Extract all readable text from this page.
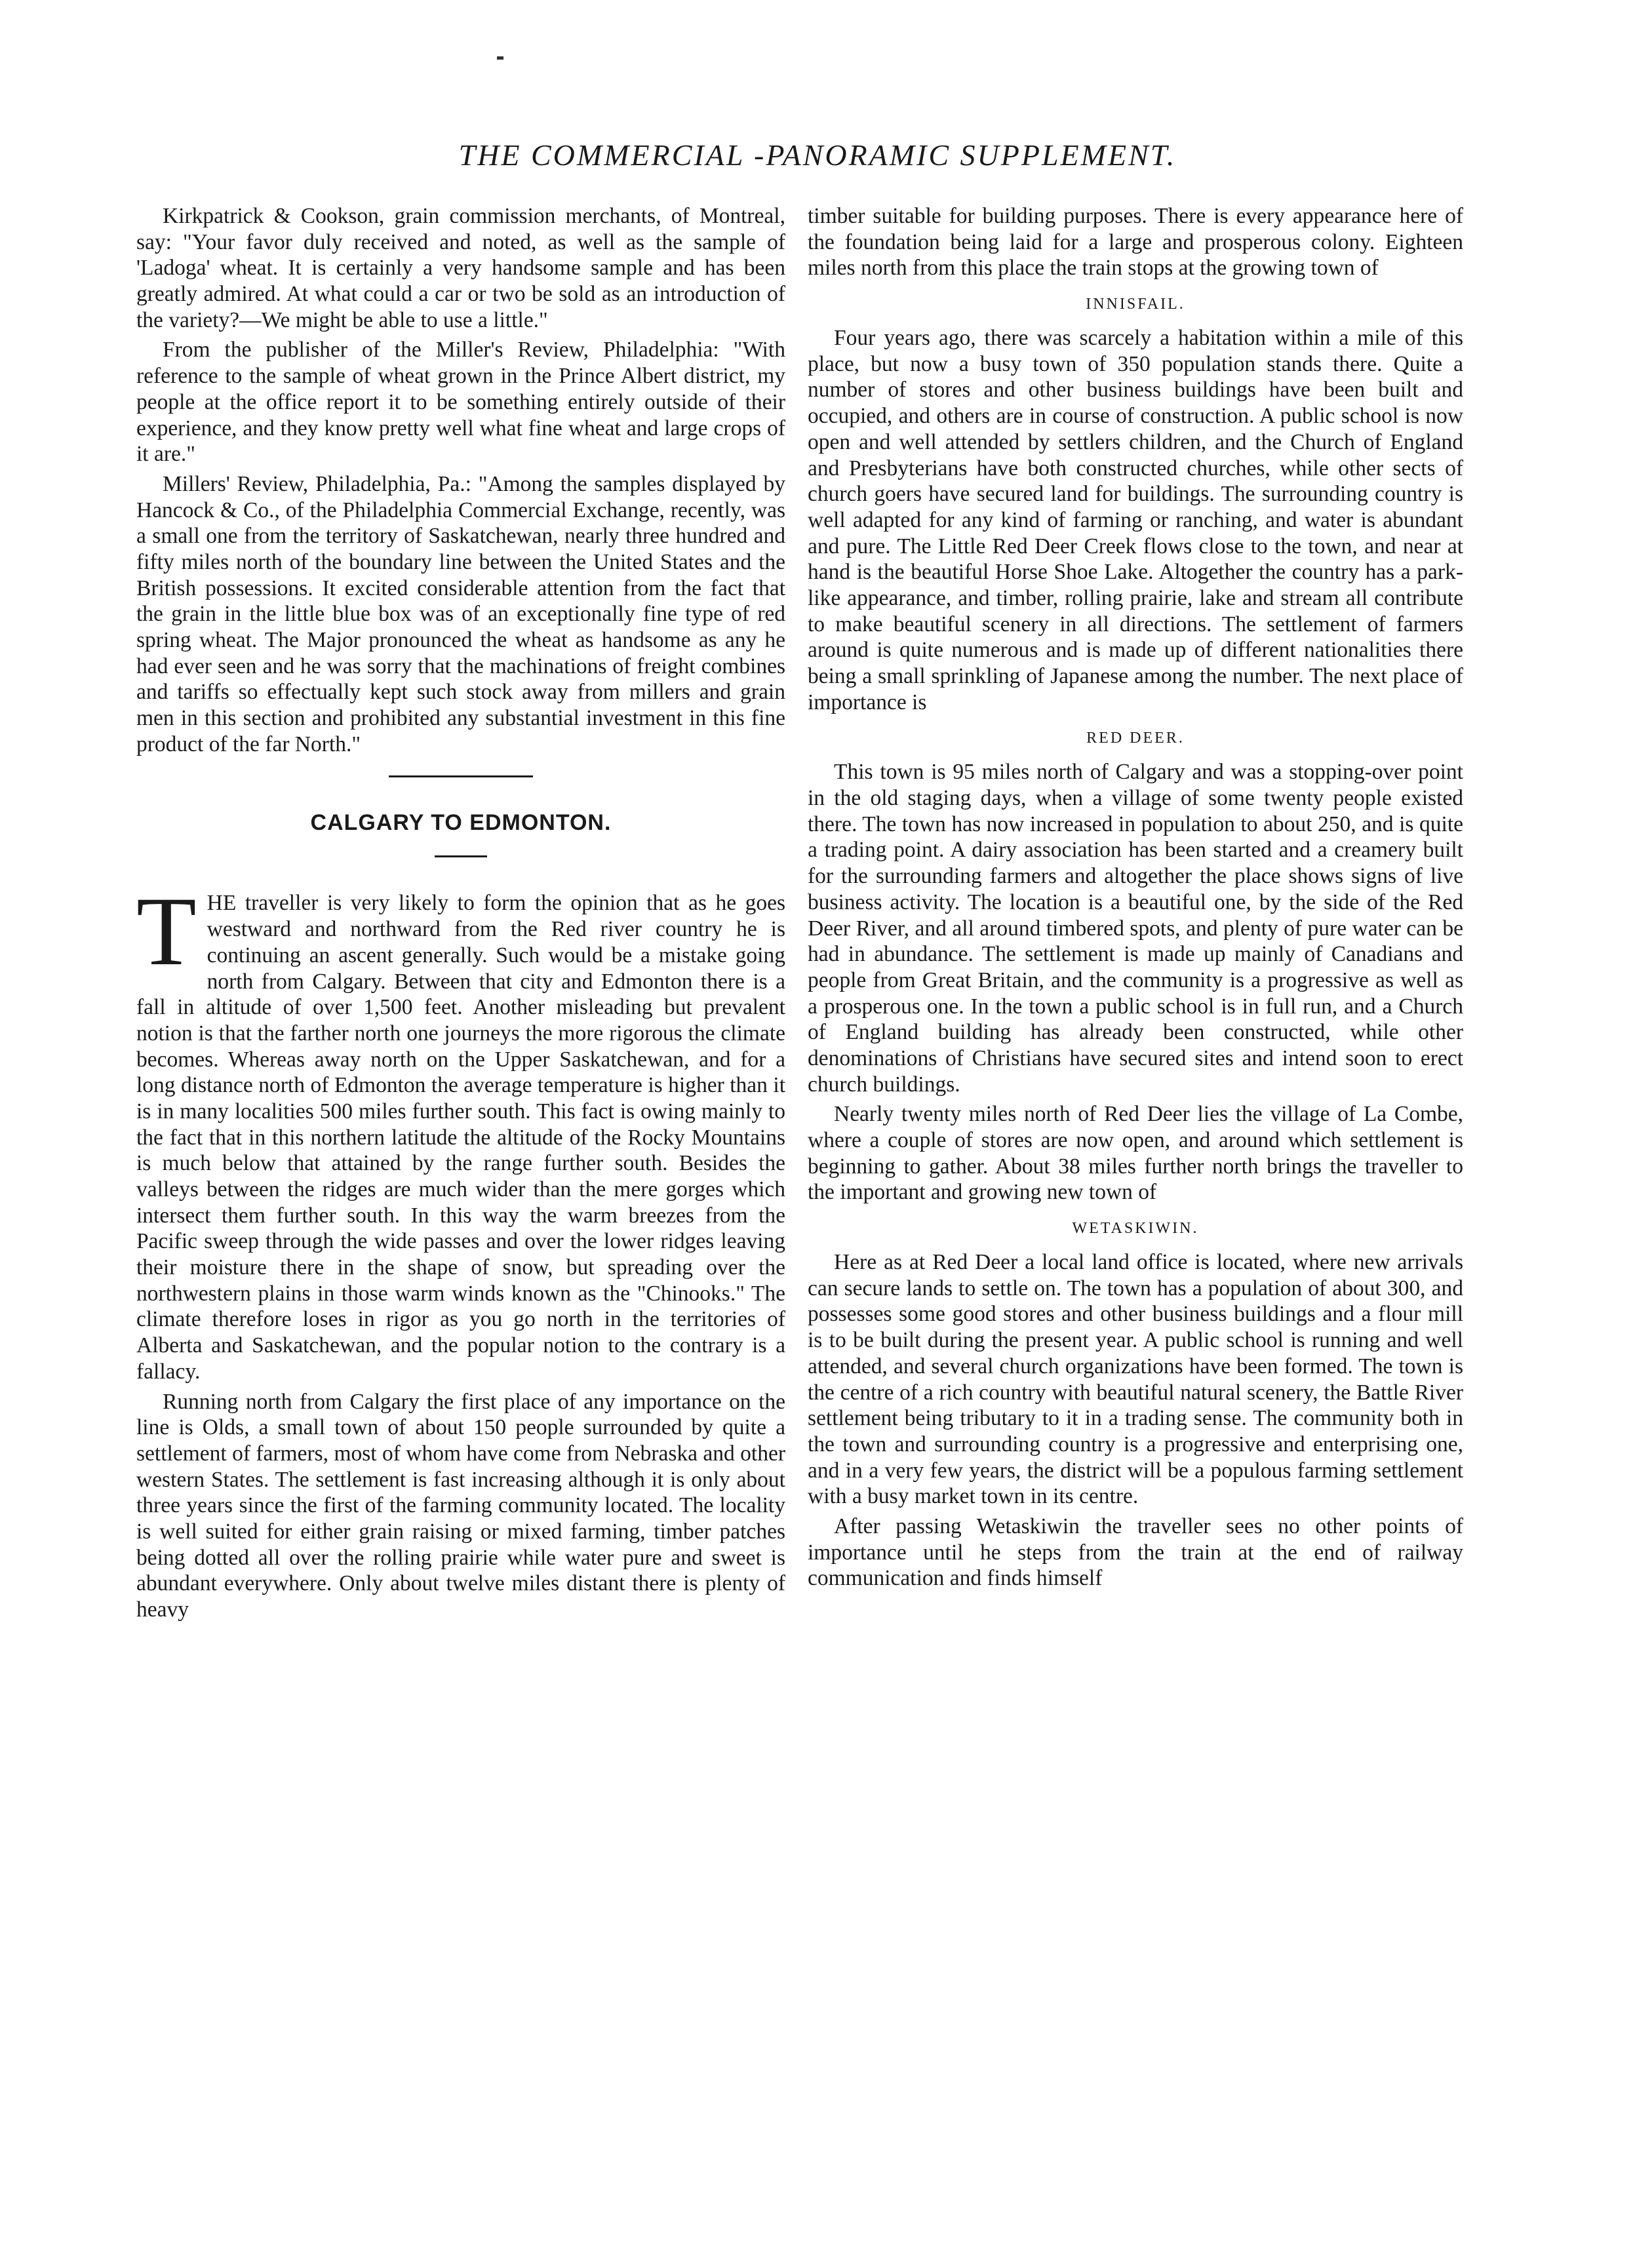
THE COMMERCIAL -PANORAMIC SUPPLEMENT.

Kirkpatrick & Cookson, grain commission merchants, of Montreal, say: "Your favor duly received and noted, as well as the sample of 'Ladoga' wheat. It is certainly a very handsome sample and has been greatly admired. At what could a car or two be sold as an introduction of the variety?—We might be able to use a little."

From the publisher of the Miller's Review, Philadelphia: "With reference to the sample of wheat grown in the Prince Albert district, my people at the office report it to be something entirely outside of their experience, and they know pretty well what fine wheat and large crops of it are."

Millers' Review, Philadelphia, Pa.: "Among the samples displayed by Hancock & Co., of the Philadelphia Commercial Exchange, recently, was a small one from the territory of Saskatchewan, nearly three hundred and fifty miles north of the boundary line between the United States and the British possessions. It excited considerable attention from the fact that the grain in the little blue box was of an exceptionally fine type of red spring wheat. The Major pronounced the wheat as handsome as any he had ever seen and he was sorry that the machinations of freight combines and tariffs so effectually kept such stock away from millers and grain men in this section and prohibited any substantial investment in this fine product of the far North."

CALGARY TO EDMONTON.

THE traveller is very likely to form the opinion that as he goes westward and northward from the Red river country he is continuing an ascent generally. Such would be a mistake going north from Calgary. Between that city and Edmonton there is a fall in altitude of over 1,500 feet. Another misleading but prevalent notion is that the farther north one journeys the more rigorous the climate becomes. Whereas away north on the Upper Saskatchewan, and for a long distance north of Edmonton the average temperature is higher than it is in many localities 500 miles further south. This fact is owing mainly to the fact that in this northern latitude the altitude of the Rocky Mountains is much below that attained by the range further south. Besides the valleys between the ridges are much wider than the mere gorges which intersect them further south. In this way the warm breezes from the Pacific sweep through the wide passes and over the lower ridges leaving their moisture there in the shape of snow, but spreading over the northwestern plains in those warm winds known as the "Chinooks." The climate therefore loses in rigor as you go north in the territories of Alberta and Saskatchewan, and the popular notion to the contrary is a fallacy.

Running north from Calgary the first place of any importance on the line is Olds, a small town of about 150 people surrounded by quite a settlement of farmers, most of whom have come from Nebraska and other western States. The settlement is fast increasing although it is only about three years since the first of the farming community located. The locality is well suited for either grain raising or mixed farming, timber patches being dotted all over the rolling prairie while water pure and sweet is abundant everywhere. Only about twelve miles distant there is plenty of heavy

timber suitable for building purposes. There is every appearance here of the foundation being laid for a large and prosperous colony. Eighteen miles north from this place the train stops at the growing town of

INNISFAIL.

Four years ago, there was scarcely a habitation within a mile of this place, but now a busy town of 350 population stands there. Quite a number of stores and other business buildings have been built and occupied, and others are in course of construction. A public school is now open and well attended by settlers children, and the Church of England and Presbyterians have both constructed churches, while other sects of church goers have secured land for buildings. The surrounding country is well adapted for any kind of farming or ranching, and water is abundant and pure. The Little Red Deer Creek flows close to the town, and near at hand is the beautiful Horse Shoe Lake. Altogether the country has a park-like appearance, and timber, rolling prairie, lake and stream all contribute to make beautiful scenery in all directions. The settlement of farmers around is quite numerous and is made up of different nationalities there being a small sprinkling of Japanese among the number. The next place of importance is

RED DEER.

This town is 95 miles north of Calgary and was a stopping-over point in the old staging days, when a village of some twenty people existed there. The town has now increased in population to about 250, and is quite a trading point. A dairy association has been started and a creamery built for the surrounding farmers and altogether the place shows signs of live business activity. The location is a beautiful one, by the side of the Red Deer River, and all around timbered spots, and plenty of pure water can be had in abundance. The settlement is made up mainly of Canadians and people from Great Britain, and the community is a progressive as well as a prosperous one. In the town a public school is in full run, and a Church of England building has already been constructed, while other denominations of Christians have secured sites and intend soon to erect church buildings.

Nearly twenty miles north of Red Deer lies the village of La Combe, where a couple of stores are now open, and around which settlement is beginning to gather. About 38 miles further north brings the traveller to the important and growing new town of

WETASKIWIN.

Here as at Red Deer a local land office is located, where new arrivals can secure lands to settle on. The town has a population of about 300, and possesses some good stores and other business buildings and a flour mill is to be built during the present year. A public school is running and well attended, and several church organizations have been formed. The town is the centre of a rich country with beautiful natural scenery, the Battle River settlement being tributary to it in a trading sense. The community both in the town and surrounding country is a progressive and enterprising one, and in a very few years, the district will be a populous farming settlement with a busy market town in its centre.

After passing Wetaskiwin the traveller sees no other points of importance until he steps from the train at the end of railway communication and finds himself
